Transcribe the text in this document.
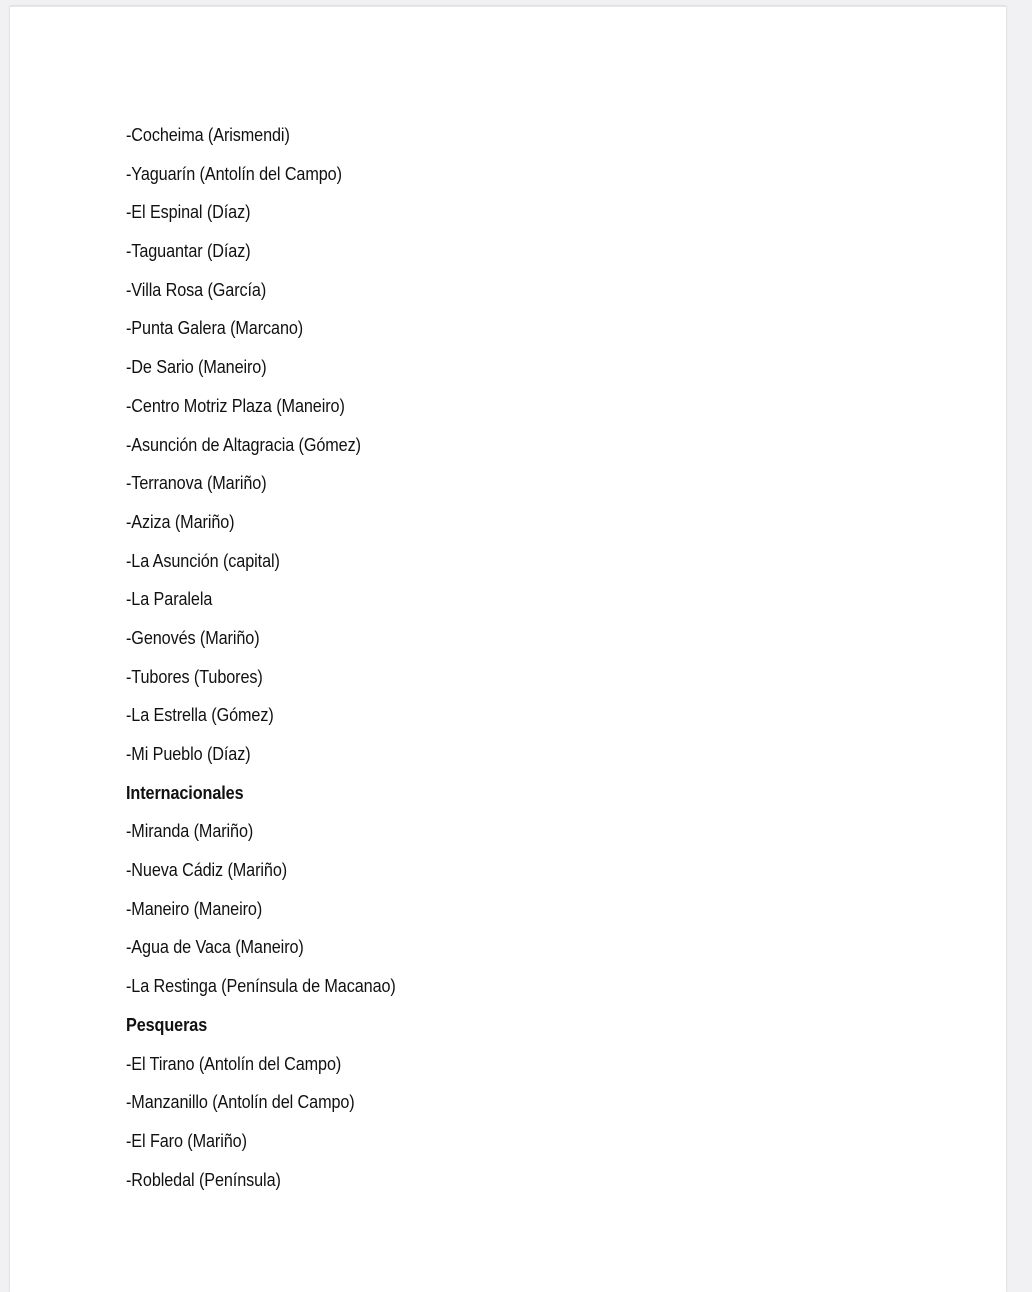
-Cocheima (Arismendi)
-Yaguarín (Antolín del Campo)
-El Espinal (Díaz)
-Taguantar (Díaz)
-Villa Rosa (García)
-Punta Galera (Marcano)
-De Sario (Maneiro)
-Centro Motriz Plaza (Maneiro)
-Asunción de Altagracia (Gómez)
-Terranova (Mariño)
-Aziza (Mariño)
-La Asunción (capital)
-La Paralela
-Genovés (Mariño)
-Tubores (Tubores)
-La Estrella (Gómez)
-Mi Pueblo (Díaz)
Internacionales
-Miranda (Mariño)
-Nueva Cádiz (Mariño)
-Maneiro (Maneiro)
-Agua de Vaca (Maneiro)
-La Restinga (Península de Macanao)
Pesqueras
-El Tirano (Antolín del Campo)
-Manzanillo (Antolín del Campo)
-El Faro (Mariño)
-Robledal (Península)
